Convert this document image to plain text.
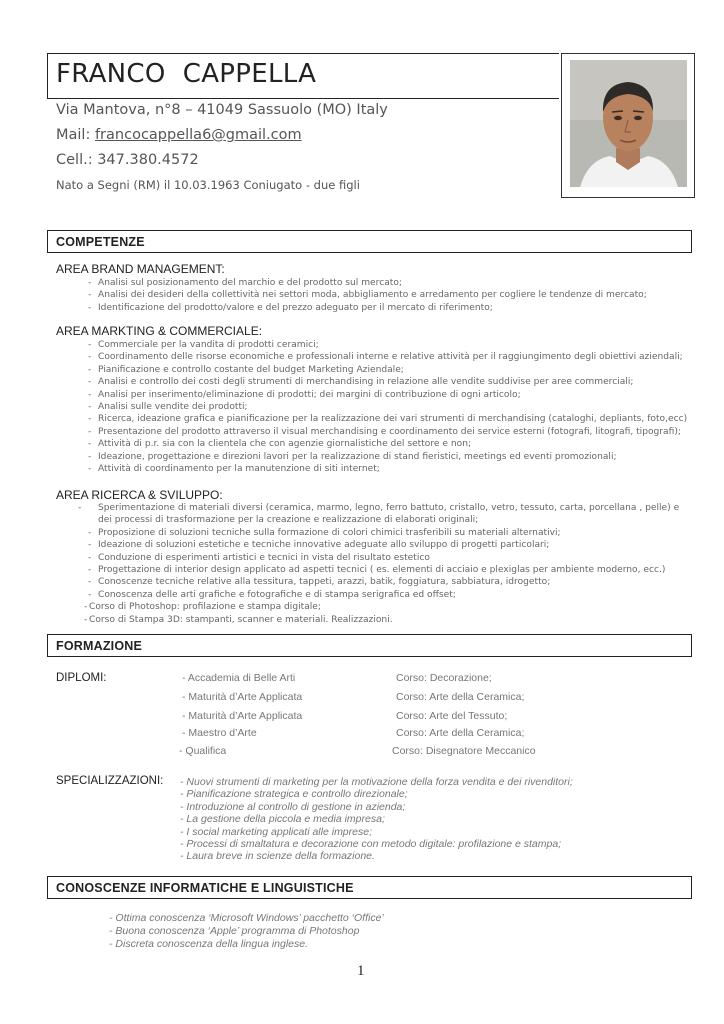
FRANCO  CAPPELLA
Via Mantova, n°8 – 41049 Sassuolo (MO) Italy
Mail: francocappella6@gmail.com
Cell.: 347.380.4572
Nato a Segni (RM) il 10.03.1963 Coniugato - due figli
COMPETENZE
AREA BRAND MANAGEMENT:
- Analisi sul posizionamento del marchio e del prodotto sul mercato;
- Analisi dei desideri della collettività nei settori moda, abbigliamento e arredamento per cogliere le tendenze di mercato;
- Identificazione del prodotto/valore e del prezzo adeguato per il mercato di riferimento;
AREA MARKTING & COMMERCIALE:
- Commerciale per la vandita di prodotti ceramici;
- Coordinamento delle risorse economiche e professionali interne e relative attività per il raggiungimento degli obiettivi aziendali;
- Pianificazione e controllo costante del budget Marketing Aziendale;
- Analisi e controllo dei costi degli strumenti di merchandising in relazione alle vendite suddivise per aree commerciali;
- Analisi per inserimento/eliminazione di prodotti; dei margini di contribuzione di ogni articolo;
- Analisi sulle vendite dei prodotti;
- Ricerca, ideazione grafica e pianificazione per la realizzazione dei vari strumenti di merchandising (cataloghi, depliants, foto,ecc)
- Presentazione del prodotto attraverso il visual merchandising e coordinamento dei service esterni (fotografi, litografi, tipografi);
- Attività di p.r. sia con la clientela che con agenzie giornalistiche del settore e non;
- Ideazione, progettazione e direzioni lavori per la realizzazione di stand fieristici, meetings ed eventi promozionali;
- Attività di coordinamento per la manutenzione di siti internet;
AREA RICERCA & SVILUPPO:
- Sperimentazione di materiali diversi (ceramica, marmo, legno, ferro battuto, cristallo, vetro, tessuto, carta, porcellana , pelle) e dei processi di trasformazione per la creazione e realizzazione di elaborati originali;
- Proposizione di soluzioni tecniche sulla formazione di colori chimici trasferibili su materiali alternativi;
- Ideazione di soluzioni estetiche e tecniche innovative adeguate allo sviluppo di progetti particolari;
- Conduzione di esperimenti artistici e tecnici in vista del risultato estetico
- Progettazione di interior design applicato ad aspetti tecnici ( es. elementi di acciaio e plexiglas per ambiente moderno, ecc.)
- Conoscenze tecniche relative alla tessitura, tappeti, arazzi, batik, foggiatura, sabbiatura, idrogetto;
- Conoscenza delle arti grafiche e fotografiche e di stampa serigrafica ed offset;
- Corso di Photoshop: profilazione e stampa digitale;
- Corso di Stampa 3D: stampanti, scanner e materiali. Realizzazioni.
FORMAZIONE
DIPLOMI:	- Accademia di Belle Arti	Corso: Decorazione;
- Maturità d’Arte Applicata	Corso: Arte della Ceramica;
- Maturità d’Arte Applicata	Corso: Arte del Tessuto;
- Maestro d’Arte	Corso: Arte della Ceramica;
- Qualifica	Corso: Disegnatore Meccanico
SPECIALIZZAZIONI: - Nuovi strumenti di marketing per la motivazione della forza vendita e dei rivenditori;
- Pianificazione strategica e controllo direzionale;
- Introduzione al controllo di gestione in azienda;
- La gestione della piccola e media impresa;
- I social marketing applicati alle imprese;
- Processi di smaltatura e decorazione con metodo digitale: profilazione e stampa;
- Laura breve in scienze della formazione.
CONOSCENZE INFORMATICHE E LINGUISTICHE
- Ottima conoscenza ‘Microsoft Windows’ pacchetto ‘Office’
- Buona conoscenza ‘Apple’ programma di Photoshop
- Discreta conoscenza della lingua inglese.
1
